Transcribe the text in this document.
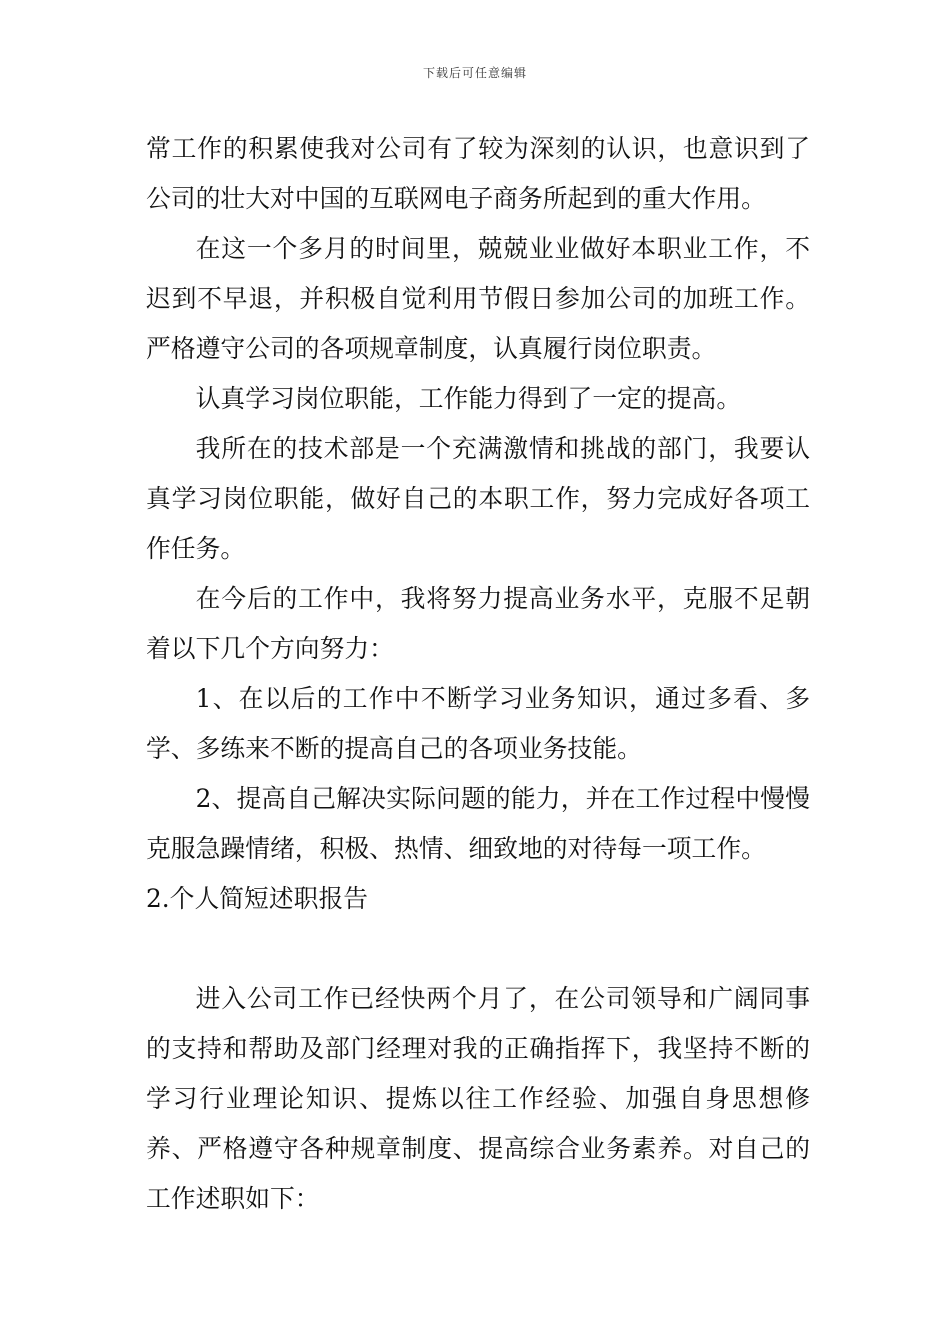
下载后可任意编辑

常工作的积累使我对公司有了较为深刻的认识，也意识到了公司的壮大对中国的互联网电子商务所起到的重大作用。

在这一个多月的时间里，兢兢业业做好本职业工作，不迟到不早退，并积极自觉利用节假日参加公司的加班工作。严格遵守公司的各项规章制度，认真履行岗位职责。

认真学习岗位职能，工作能力得到了一定的提高。

我所在的技术部是一个充满激情和挑战的部门，我要认真学习岗位职能，做好自己的本职工作，努力完成好各项工作任务。

在今后的工作中，我将努力提高业务水平，克服不足朝着以下几个方向努力：

1、在以后的工作中不断学习业务知识，通过多看、多学、多练来不断的提高自己的各项业务技能。

2、提高自己解决实际问题的能力，并在工作过程中慢慢克服急躁情绪，积极、热情、细致地的对待每一项工作。

2.个人简短述职报告

进入公司工作已经快两个月了，在公司领导和广阔同事的支持和帮助及部门经理对我的正确指挥下，我坚持不断的学习行业理论知识、提炼以往工作经验、加强自身思想修养、严格遵守各种规章制度、提高综合业务素养。对自己的工作述职如下：
